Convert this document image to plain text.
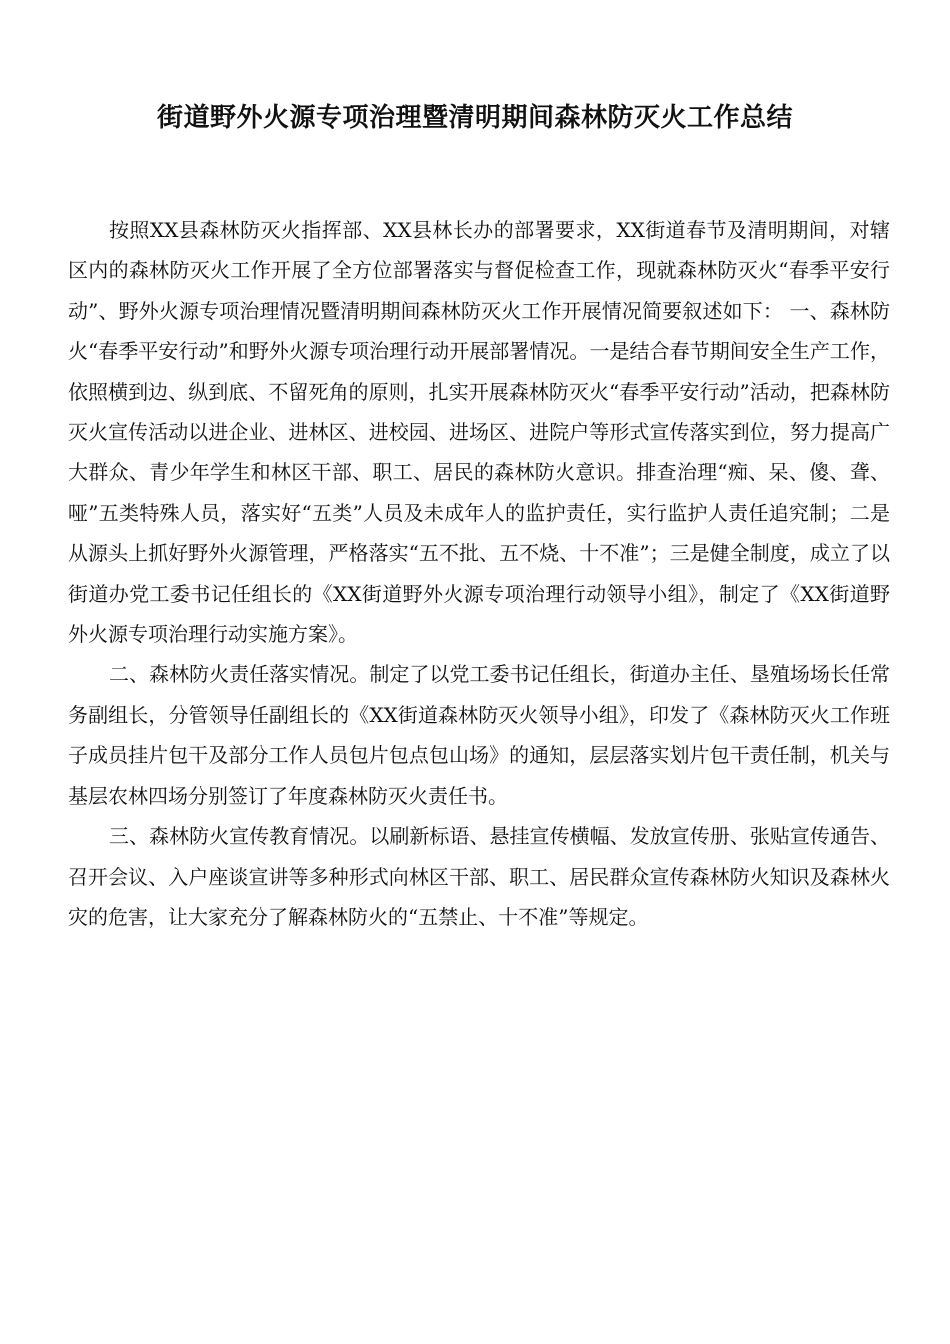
街道野外火源专项治理暨清明期间森林防灭火工作总结

按照XX县森林防灭火指挥部、XX县林长办的部署要求，XX街道春节及清明期间，对辖区内的森林防灭火工作开展了全方位部署落实与督促检查工作，现就森林防灭火“春季平安行动”、野外火源专项治理情况暨清明期间森林防灭火工作开展情况简要叙述如下： 一、森林防火“春季平安行动”和野外火源专项治理行动开展部署情况。一是结合春节期间安全生产工作，依照横到边、纵到底、不留死角的原则，扎实开展森林防灭火“春季平安行动”活动，把森林防灭火宣传活动以进企业、进林区、进校园、进场区、进院户等形式宣传落实到位，努力提高广大群众、青少年学生和林区干部、职工、居民的森林防火意识。排查治理“痴、呆、傻、聋、哑”五类特殊人员，落实好“五类”人员及未成年人的监护责任，实行监护人责任追究制；二是从源头上抓好野外火源管理，严格落实“五不批、五不烧、十不准”；三是健全制度，成立了以街道办党工委书记任组长的《XX街道野外火源专项治理行动领导小组》，制定了《XX街道野外火源专项治理行动实施方案》。

二、森林防火责任落实情况。制定了以党工委书记任组长，街道办主任、垦殖场场长任常务副组长，分管领导任副组长的《XX街道森林防灭火领导小组》，印发了《森林防灭火工作班子成员挂片包干及部分工作人员包片包点包山场》的通知，层层落实划片包干责任制，机关与基层农林四场分别签订了年度森林防灭火责任书。

三、森林防火宣传教育情况。以刷新标语、悬挂宣传横幅、发放宣传册、张贴宣传通告、召开会议、入户座谈宣讲等多种形式向林区干部、职工、居民群众宣传森林防火知识及森林火灾的危害，让大家充分了解森林防火的“五禁止、十不准”等规定。
